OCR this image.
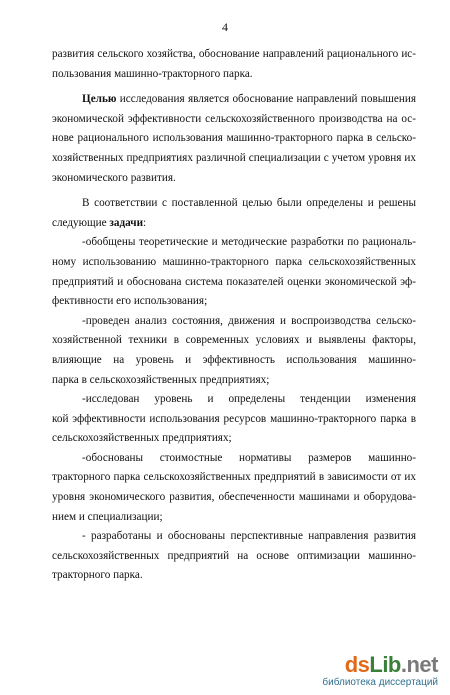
4
развития сельского хозяйства, обоснование направлений рационального ис-
пользования машинно-тракторного парка.
Целью исследования является обоснование направлений повышения
экономической эффективности сельскохозяйственного производства на ос-
нове рационального использования машинно-тракторного парка в сельско-
хозяйственных предприятиях различной специализации с учетом уровня их
экономического развития.
В соответствии с поставленной целью были определены и решены
следующие задачи:
-обобщены теоретические и методические разработки по рациональ-
ному использованию машинно-тракторного парка сельскохозяйственных
предприятий и обоснована система показателей оценки экономической эф-
фективности его использования;
-проведен анализ состояния, движения и воспроизводства сельско-
хозяйственной техники в современных условиях и выявлены факторы,
влияющие на уровень и эффективность использования машинно-
парка в сельскохозяйственных предприятиях;
-исследован уровень и определены тенденции изменения
кой эффективности использования ресурсов машинно-тракторного парка в
сельскохозяйственных предприятиях;
-обоснованы стоимостные нормативы размеров машинно-
тракторного парка сельскохозяйственных предприятий в зависимости от их
уровня экономического развития, обеспеченности машинами и оборудова-
нием и специализации;
- разработаны и обоснованы перспективные направления развития
сельскохозяйственных предприятий на основе оптимизации машинно-
тракторного парка.
dsLib.net
библиотека диссертаций
